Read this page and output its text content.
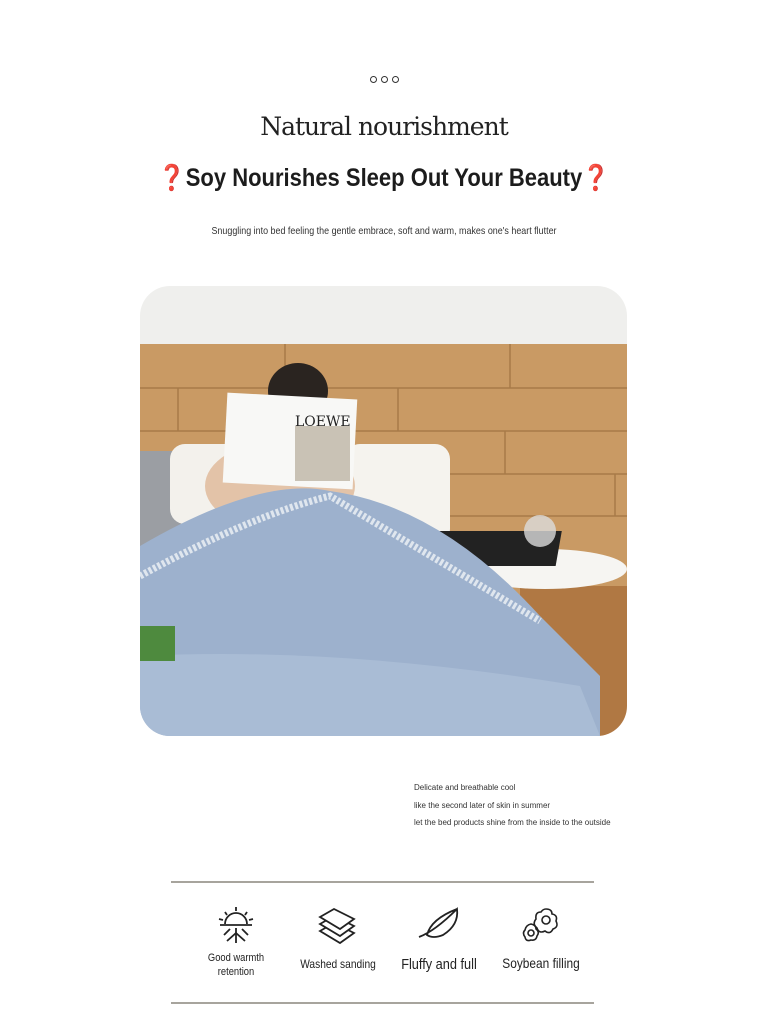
Natural nourishment
❓Soy Nourishes Sleep Out Your Beauty❓
Snuggling into bed feeling the gentle embrace, soft and warm, makes one's heart flutter
LOEWE
Delicate and breathable cool
like the second later of skin in summer
let the bed products shine from the inside to the outside
Good warmth retention
Washed sanding	Fluffy and full	Soybean filling
